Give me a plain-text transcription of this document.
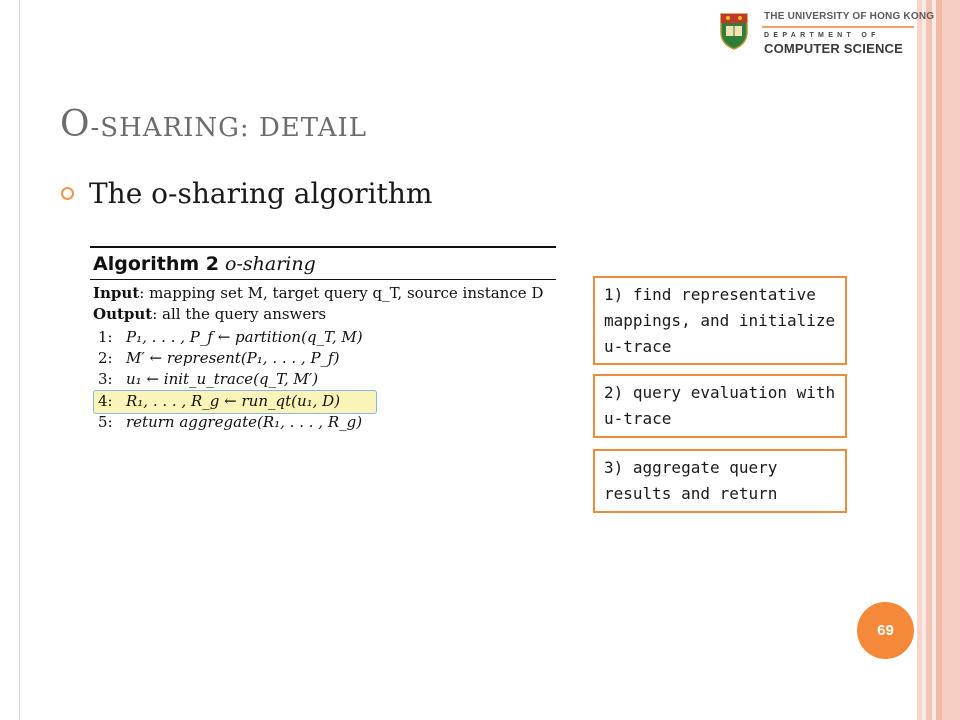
THE UNIVERSITY OF HONG KONG
DEPARTMENT OF
COMPUTER SCIENCE
O-SHARING: DETAIL
The o-sharing algorithm
Algorithm 2 o-sharing
Input: mapping set M, target query q_T, source instance D
Output: all the query answers
1: P₁, . . . , P_f ← partition(q_T, M)
2: M′ ← represent(P₁, . . . , P_f)
3: u₁ ← init_u_trace(q_T, M′)
4: R₁, . . . , R_g ← run_qt(u₁, D)
5: return aggregate(R₁, . . . , R_g)
1) find representative mappings, and initialize u-trace
2) query evaluation with u-trace
3) aggregate query results and return
69
